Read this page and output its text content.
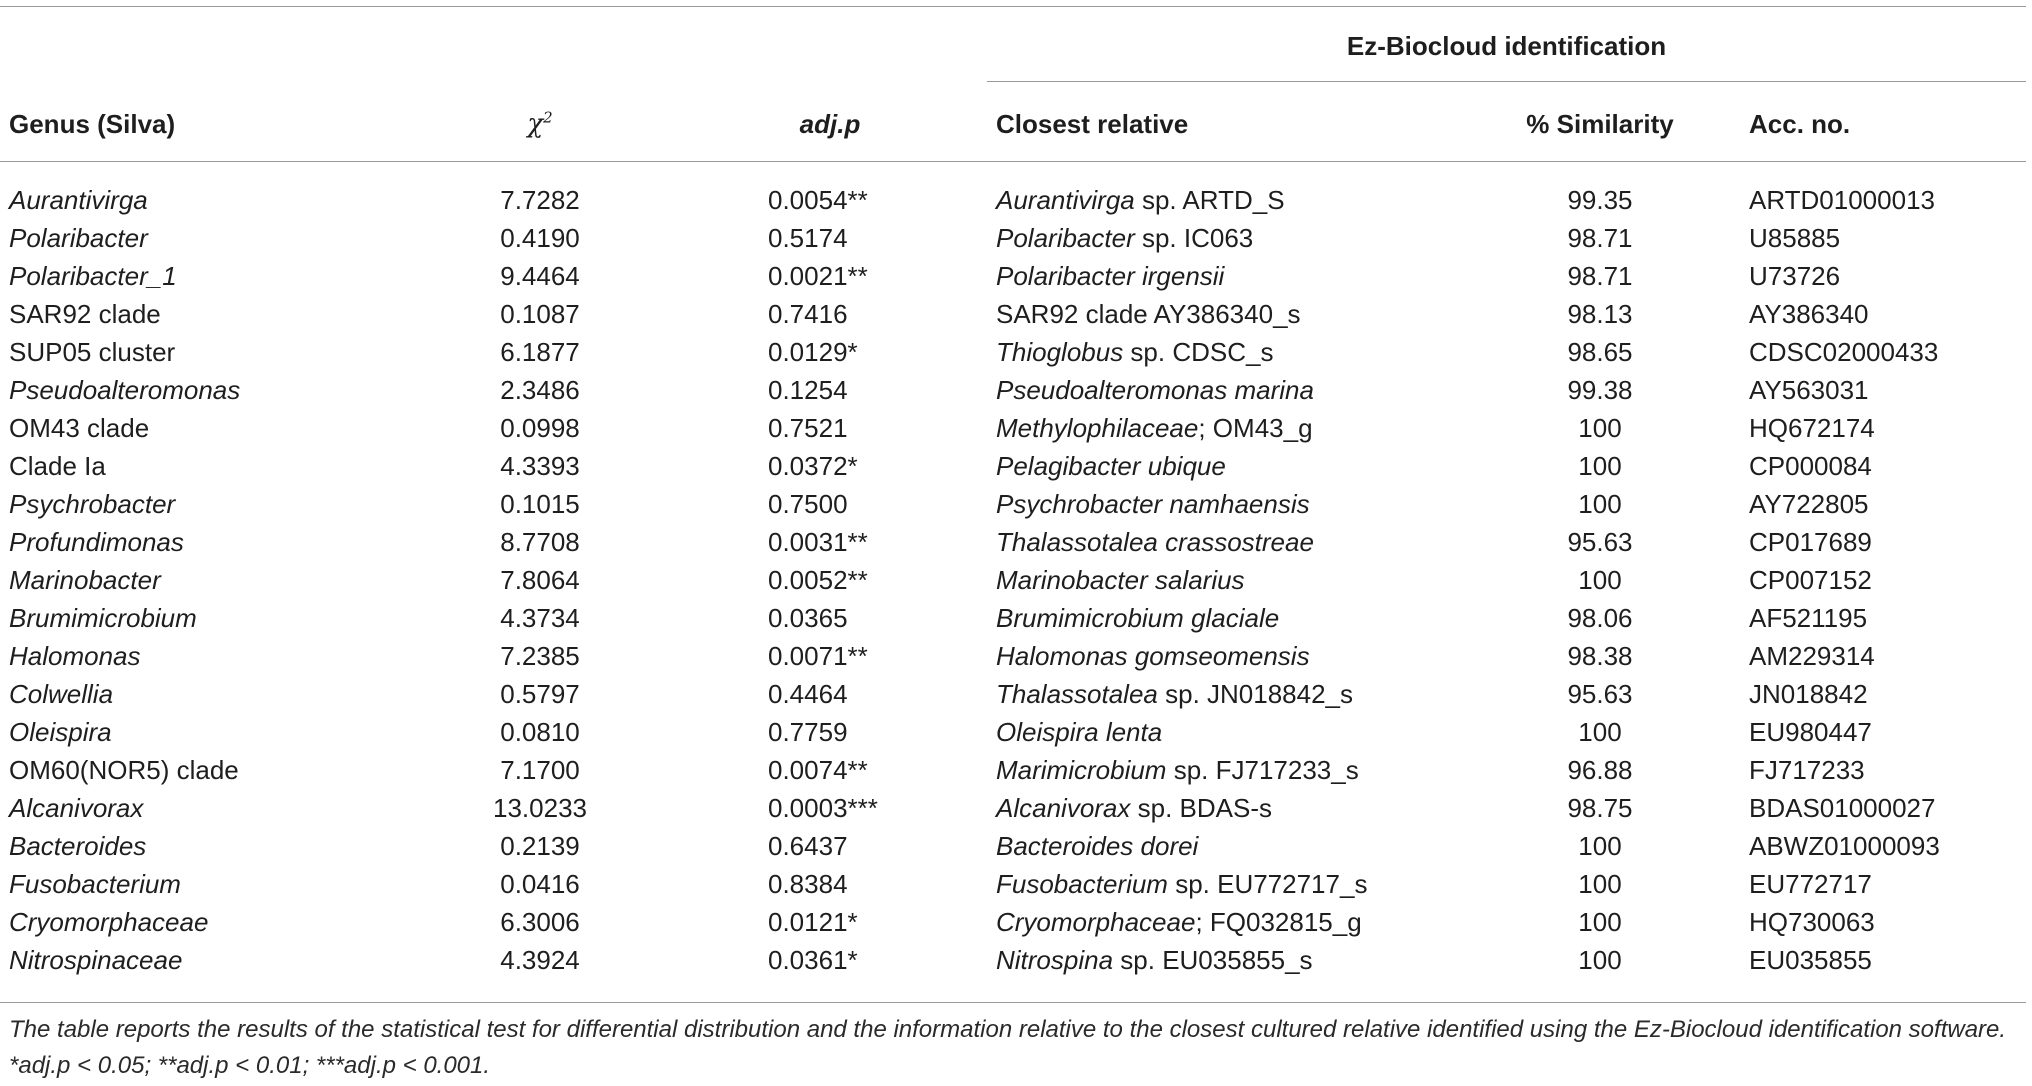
Ez-Biocloud identification
Genus (Silva)	$\chi^2$	adj.p	Closest relative	% Similarity	Acc. no.
Aurantivirga	7.7282	0.0054**	Aurantivirga sp. ARTD_S	99.35	ARTD01000013
Polaribacter	0.4190	0.5174	Polaribacter sp. IC063	98.71	U85885
Polaribacter_1	9.4464	0.0021**	Polaribacter irgensii	98.71	U73726
SAR92 clade	0.1087	0.7416	SAR92 clade AY386340_s	98.13	AY386340
SUP05 cluster	6.1877	0.0129*	Thioglobus sp. CDSC_s	98.65	CDSC02000433
Pseudoalteromonas	2.3486	0.1254	Pseudoalteromonas marina	99.38	AY563031
OM43 clade	0.0998	0.7521	Methylophilaceae; OM43_g	100	HQ672174
Clade Ia	4.3393	0.0372*	Pelagibacter ubique	100	CP000084
Psychrobacter	0.1015	0.7500	Psychrobacter namhaensis	100	AY722805
Profundimonas	8.7708	0.0031**	Thalassotalea crassostreae	95.63	CP017689
Marinobacter	7.8064	0.0052**	Marinobacter salarius	100	CP007152
Brumimicrobium	4.3734	0.0365	Brumimicrobium glaciale	98.06	AF521195
Halomonas	7.2385	0.0071**	Halomonas gomseomensis	98.38	AM229314
Colwellia	0.5797	0.4464	Thalassotalea sp. JN018842_s	95.63	JN018842
Oleispira	0.0810	0.7759	Oleispira lenta	100	EU980447
OM60(NOR5) clade	7.1700	0.0074**	Marimicrobium sp. FJ717233_s	96.88	FJ717233
Alcanivorax	13.0233	0.0003***	Alcanivorax sp. BDAS-s	98.75	BDAS01000027
Bacteroides	0.2139	0.6437	Bacteroides dorei	100	ABWZ01000093
Fusobacterium	0.0416	0.8384	Fusobacterium sp. EU772717_s	100	EU772717
Cryomorphaceae	6.3006	0.0121*	Cryomorphaceae; FQ032815_g	100	HQ730063
Nitrospinaceae	4.3924	0.0361*	Nitrospina sp. EU035855_s	100	EU035855
The table reports the results of the statistical test for differential distribution and the information relative to the closest cultured relative identified using the Ez-Biocloud identification software. *adj.p < 0.05; **adj.p < 0.01; ***adj.p < 0.001.
